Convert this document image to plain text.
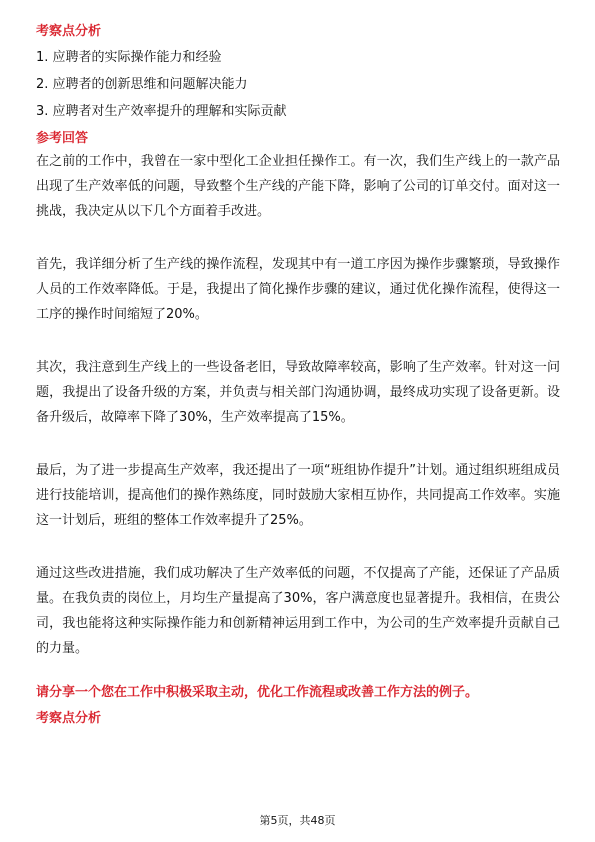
考察点分析

1. 应聘者的实际操作能力和经验
2. 应聘者的创新思维和问题解决能力
3. 应聘者对生产效率提升的理解和实际贡献

参考回答

在之前的工作中，我曾在一家中型化工企业担任操作工。有一次，我们生产线上的一款产品出现了生产效率低的问题，导致整个生产线的产能下降，影响了公司的订单交付。面对这一挑战，我决定从以下几个方面着手改进。

首先，我详细分析了生产线的操作流程，发现其中有一道工序因为操作步骤繁琐，导致操作人员的工作效率降低。于是，我提出了简化操作步骤的建议，通过优化操作流程，使得这一工序的操作时间缩短了20%。

其次，我注意到生产线上的一些设备老旧，导致故障率较高，影响了生产效率。针对这一问题，我提出了设备升级的方案，并负责与相关部门沟通协调，最终成功实现了设备更新。设备升级后，故障率下降了30%，生产效率提高了15%。

最后，为了进一步提高生产效率，我还提出了一项“班组协作提升”计划。通过组织班组成员进行技能培训，提高他们的操作熟练度，同时鼓励大家相互协作，共同提高工作效率。实施这一计划后，班组的整体工作效率提升了25%。

通过这些改进措施，我们成功解决了生产效率低的问题，不仅提高了产能，还保证了产品质量。在我负责的岗位上，月均生产量提高了30%，客户满意度也显著提升。我相信，在贵公司，我也能将这种实际操作能力和创新精神运用到工作中，为公司的生产效率提升贡献自己的力量。

请分享一个您在工作中积极采取主动，优化工作流程或改善工作方法的例子。

考察点分析

第5页，共48页
